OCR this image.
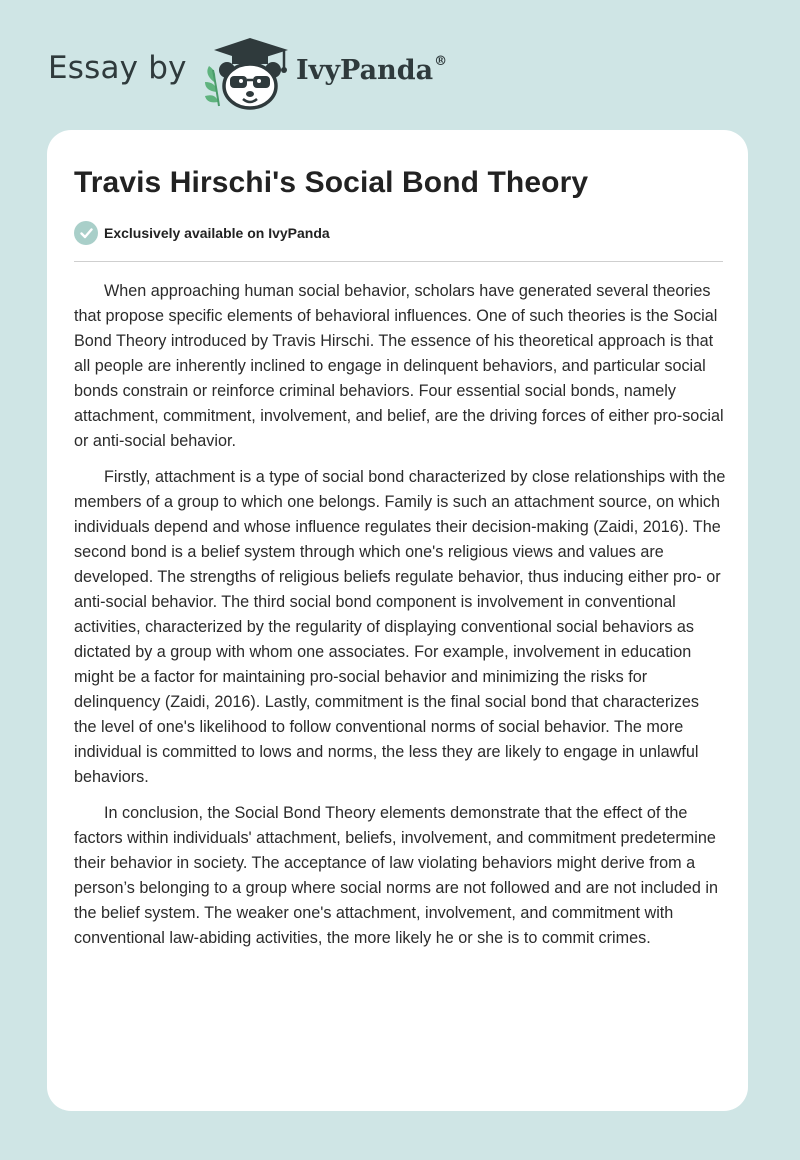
Essay by	IvyPanda®
Travis Hirschi's Social Bond Theory
Exclusively available on IvyPanda

When approaching human social behavior, scholars have generated several theories that propose specific elements of behavioral influences. One of such theories is the Social Bond Theory introduced by Travis Hirschi. The essence of his theoretical approach is that all people are inherently inclined to engage in delinquent behaviors, and particular social bonds constrain or reinforce criminal behaviors. Four essential social bonds, namely attachment, commitment, involvement, and belief, are the driving forces of either pro-social or anti-social behavior.

Firstly, attachment is a type of social bond characterized by close relationships with the members of a group to which one belongs. Family is such an attachment source, on which individuals depend and whose influence regulates their decision-making (Zaidi, 2016). The second bond is a belief system through which one's religious views and values are developed. The strengths of religious beliefs regulate behavior, thus inducing either pro- or anti-social behavior. The third social bond component is involvement in conventional activities, characterized by the regularity of displaying conventional social behaviors as dictated by a group with whom one associates. For example, involvement in education might be a factor for maintaining pro-social behavior and minimizing the risks for delinquency (Zaidi, 2016). Lastly, commitment is the final social bond that characterizes the level of one's likelihood to follow conventional norms of social behavior. The more individual is committed to lows and norms, the less they are likely to engage in unlawful behaviors.

In conclusion, the Social Bond Theory elements demonstrate that the effect of the factors within individuals' attachment, beliefs, involvement, and commitment predetermine their behavior in society. The acceptance of law violating behaviors might derive from a person’s belonging to a group where social norms are not followed and are not included in the belief system. The weaker one's attachment, involvement, and commitment with conventional law-abiding activities, the more likely he or she is to commit crimes.
